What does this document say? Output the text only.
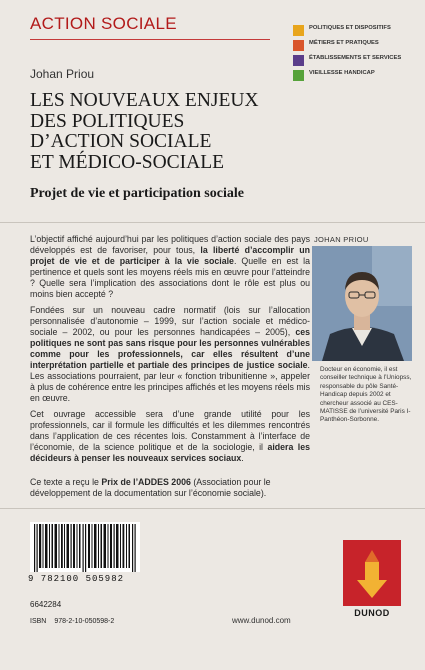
ACTION SOCIALE	POLITIQUES ET DISPOSITIFS
MÉTIERS ET PRATIQUES
ÉTABLISSEMENTS ET SERVICES
VIEILLESSE HANDICAP
Johan Priou
LES NOUVEAUX ENJEUX
DES POLITIQUES
D’ACTION SOCIALE
ET MÉDICO-SOCIALE
Projet de vie et participation sociale

L’objectif affiché aujourd’hui par les politiques d’action sociale des pays développés est de favoriser, pour tous, la liberté d’accomplir un projet de vie et de participer à la vie sociale. Quelle en est la pertinence et quels sont les moyens réels mis en œuvre pour l’atteindre ? Quelle sera l’implication des associations dont le rôle est plus ou moins bien accepté ?

Fondées sur un nouveau cadre normatif (lois sur l’allocation personnalisée d’autonomie – 1999, sur l’action sociale et médico-sociale – 2002, ou pour les personnes handicapées – 2005), ces politiques ne sont pas sans risque pour les personnes vulnérables comme pour les professionnels, car elles résultent d’une interprétation partielle et partiale des principes de justice sociale. Les associations pourraient, par leur « fonction tribunitienne », appeler à plus de cohérence entre les principes affichés et les moyens réels mis en œuvre.

Cet ouvrage accessible sera d’une grande utilité pour les professionnels, car il formule les difficultés et les dilemmes rencontrés dans l’application de ces récentes lois. Constamment à l’interface de l’économie, de la science politique et de la sociologie, il aidera les décideurs à penser les nouveaux services sociaux.

JOHAN PRIOU
Docteur en économie, il est conseiller technique à l’Uniopss, responsable du pôle Santé-Handicap depuis 2002 et chercheur associé au CES-MATISSE de l’université Paris I-Panthéon-Sorbonne.
Ce texte a reçu le Prix de l’ADDES 2006 (Association pour le développement de la documentation sur l’économie sociale).
9 782100 505982
6642284
ISBN 978-2-10-050598-2	www.dunod.com
DUNOD
